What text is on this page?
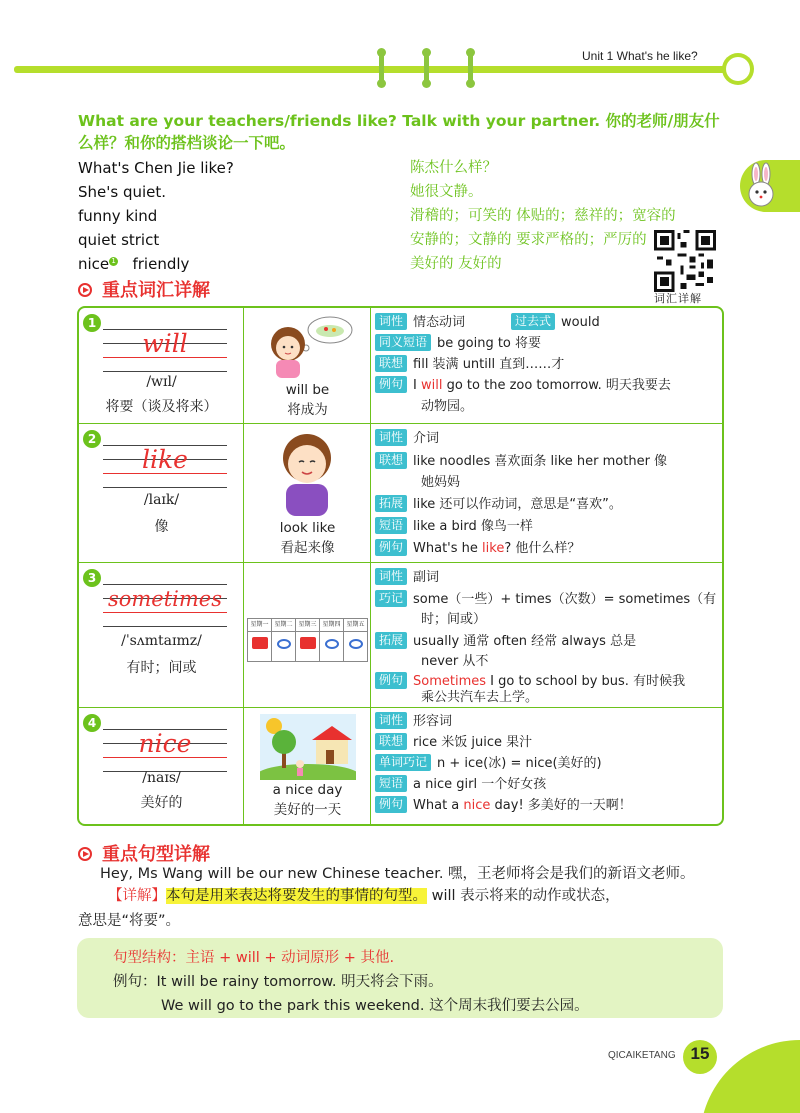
Unit 1 What's he like?
What are your teachers/friends like? Talk with your partner. 你的老师/朋友什么样？和你的搭档谈论一下吧。
What's Chen Jie like?
She's quiet.
funny kind
quiet strict
nice 1 friendly
陈杰什么样？
她很文静。
滑稽的；可笑的 体贴的；慈祥的；宽容的
安静的；文静的 要求严格的；严厉的
美好的 友好的
词汇详解
重点词汇详解
1
will
/wɪl/
将要（谈及将来）
will be
将成为
词性 情态动词	过去式 would
同义短语 be going to 将要
联想 fill 装满 untill 直到……才
例句 I will go to the zoo tomorrow. 明天我要去
动物园。
2
like
/laɪk/
像	look like
看起来像
词性 介词
联想 like noodles 喜欢面条 like her mother 像
她妈妈
拓展 like 还可以作动词，意思是“喜欢”。
短语 like a bird 像鸟一样
例句 What's he like? 他什么样？
3
sometimes
/ˈsʌmtaɪmz/
有时；间或
星期一 星期二 星期三 星期四 星期五
词性 副词
巧记 some（一些）+ times（次数）= sometimes（有
时；间或）
拓展 usually 通常 often 经常 always 总是
never 从不
例句 Sometimes I go to school by bus. 有时候我
乘公共汽车去上学。
4
nice
/naɪs/
美好的
a nice day
美好的一天
词性 形容词
联想 rice 米饭 juice 果汁
单词巧记 n + ice(冰) = nice(美好的)
短语 a nice girl 一个好女孩
例句 What a nice day! 多美好的一天啊！
重点句型详解
Hey, Ms Wang will be our new Chinese teacher. 嘿，王老师将会是我们的新语文老师。
【详解】本句是用来表达将要发生的事情的句型。 will 表示将来的动作或状态，
意思是“将要”。
句型结构：主语 + will + 动词原形 + 其他.
例句：It will be rainy tomorrow. 明天将会下雨。
We will go to the park this weekend. 这个周末我们要去公园。
QICAIKETANG 15
